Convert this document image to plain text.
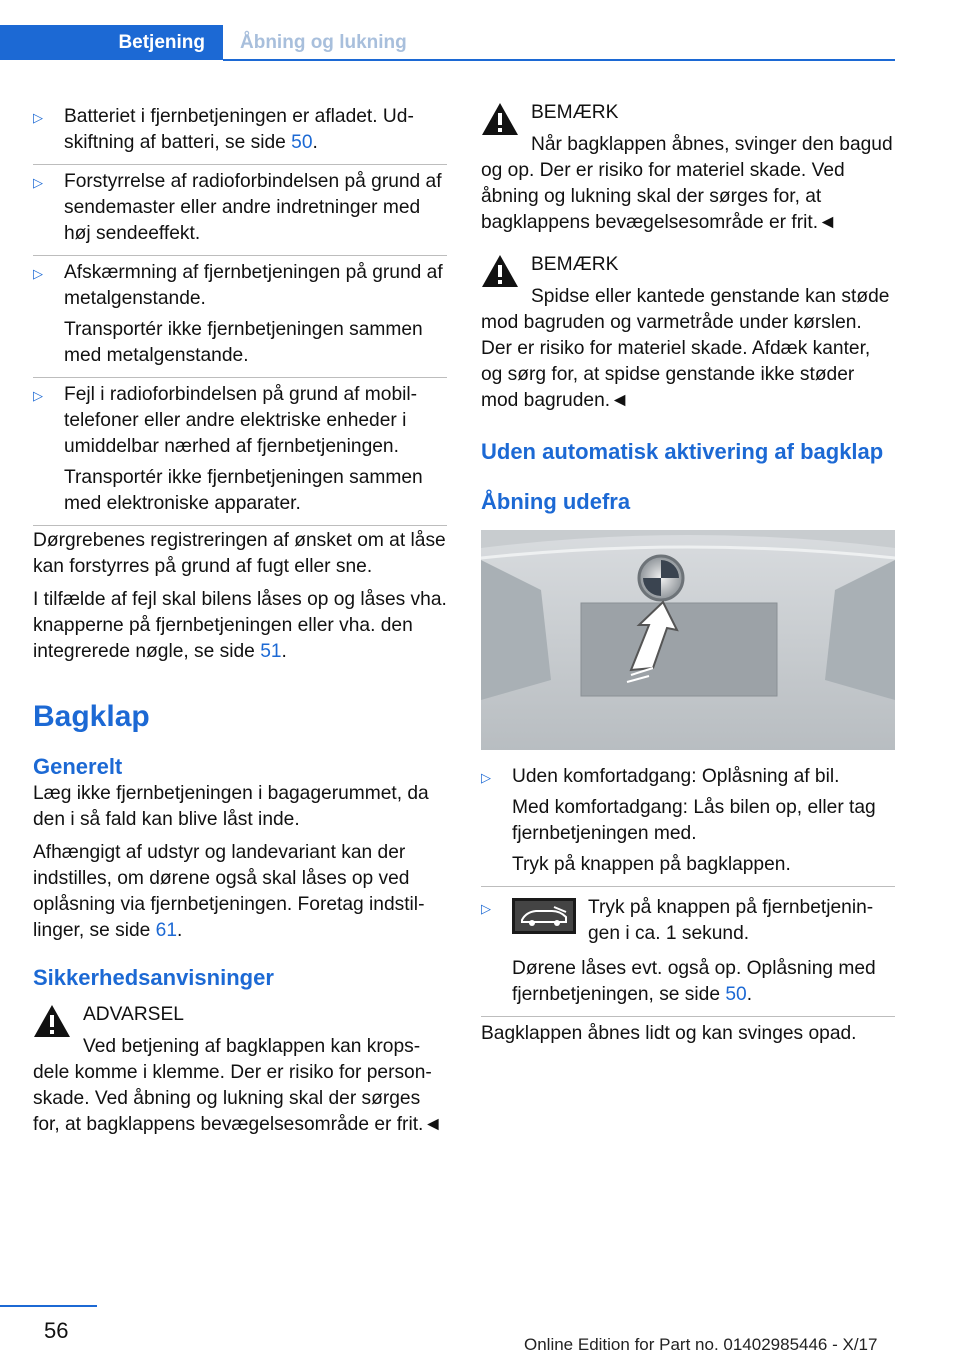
Betjening	Åbning og lukning
▷	Batteriet i fjernbetjeningen er afladet. Udskiftning af batteri, se side 50.

▷	Forstyrrelse af radioforbindelsen på grund af sendemaster eller andre indretninger med høj sendeeffekt.

▷	Afskærmning af fjernbetjeningen på grund af metalgenstande.

Transportér ikke fjernbetjeningen sammen med metalgenstande.

▷	Fejl i radioforbindelsen på grund af mobiltelefoner eller andre elektriske enheder i umiddelbar nærhed af fjernbetjeningen.

Transportér ikke fjernbetjeningen sammen med elektroniske apparater.

Dørgrebenes registreringen af ønsket om at låse kan forstyrres på grund af fugt eller sne.

I tilfælde af fejl skal bilens låses op og låses vha. knapperne på fjernbetjeningen eller vha. den integrerede nøgle, se side 51.

Bagklap
Generelt

Læg ikke fjernbetjeningen i bagagerummet, da den i så fald kan blive låst inde.

Afhængigt af udstyr og landevariant kan der indstilles, om dørene også skal låses op ved oplåsning via fjernbetjeningen. Foretag indstillinger, se side 61.

Sikkerhedsanvisninger

ADVARSEL

Ved betjening af bagklappen kan kropsdele komme i klemme. Der er risiko for personskade. Ved åbning og lukning skal der sørges for, at bagklappens bevægelsesområde er frit.◄

BEMÆRK

Når bagklappen åbnes, svinger den bagud og op. Der er risiko for materiel skade. Ved åbning og lukning skal der sørges for, at bagklappens bevægelsesområde er frit.◄

BEMÆRK

Spidse eller kantede genstande kan støde mod bagruden og varmetråde under kørslen. Der er risiko for materiel skade. Afdæk kanter, og sørg for, at spidse genstande ikke støder mod bagruden.◄

Uden automatisk aktivering af bagklap
Åbning udefra
▷	Uden komfortadgang: Oplåsning af bil.

Med komfortadgang: Lås bilen op, eller tag fjernbetjeningen med.

Tryk på knappen på bagklappen.

▷	Tryk på knappen på fjernbetjeningen i ca. 1 sekund.

Dørene låses evt. også op. Oplåsning med fjernbetjeningen, se side 50.

Bagklappen åbnes lidt og kan svinges opad.

56
Online Edition for Part no. 01402985446 - X/17
